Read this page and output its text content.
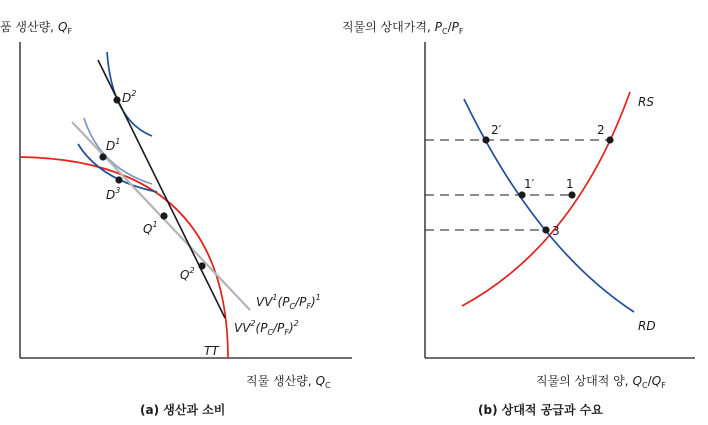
$D^2$
$D^1$
$D^3$
$Q^1$
$Q^2$
TT
$VV^1(P_C/P_F)^1$
$VV^2(P_C/P_F)^2$
품 생산량, $Q_F$
직물 생산량, $Q_C$
(a) 생산과 소비
2′	2
1′	1
3
RS
RD
직물의 상대가격, $P_C/P_F$
직물의 상대적 양, $Q_C/Q_F$
(b) 상대적 공급과 수요
